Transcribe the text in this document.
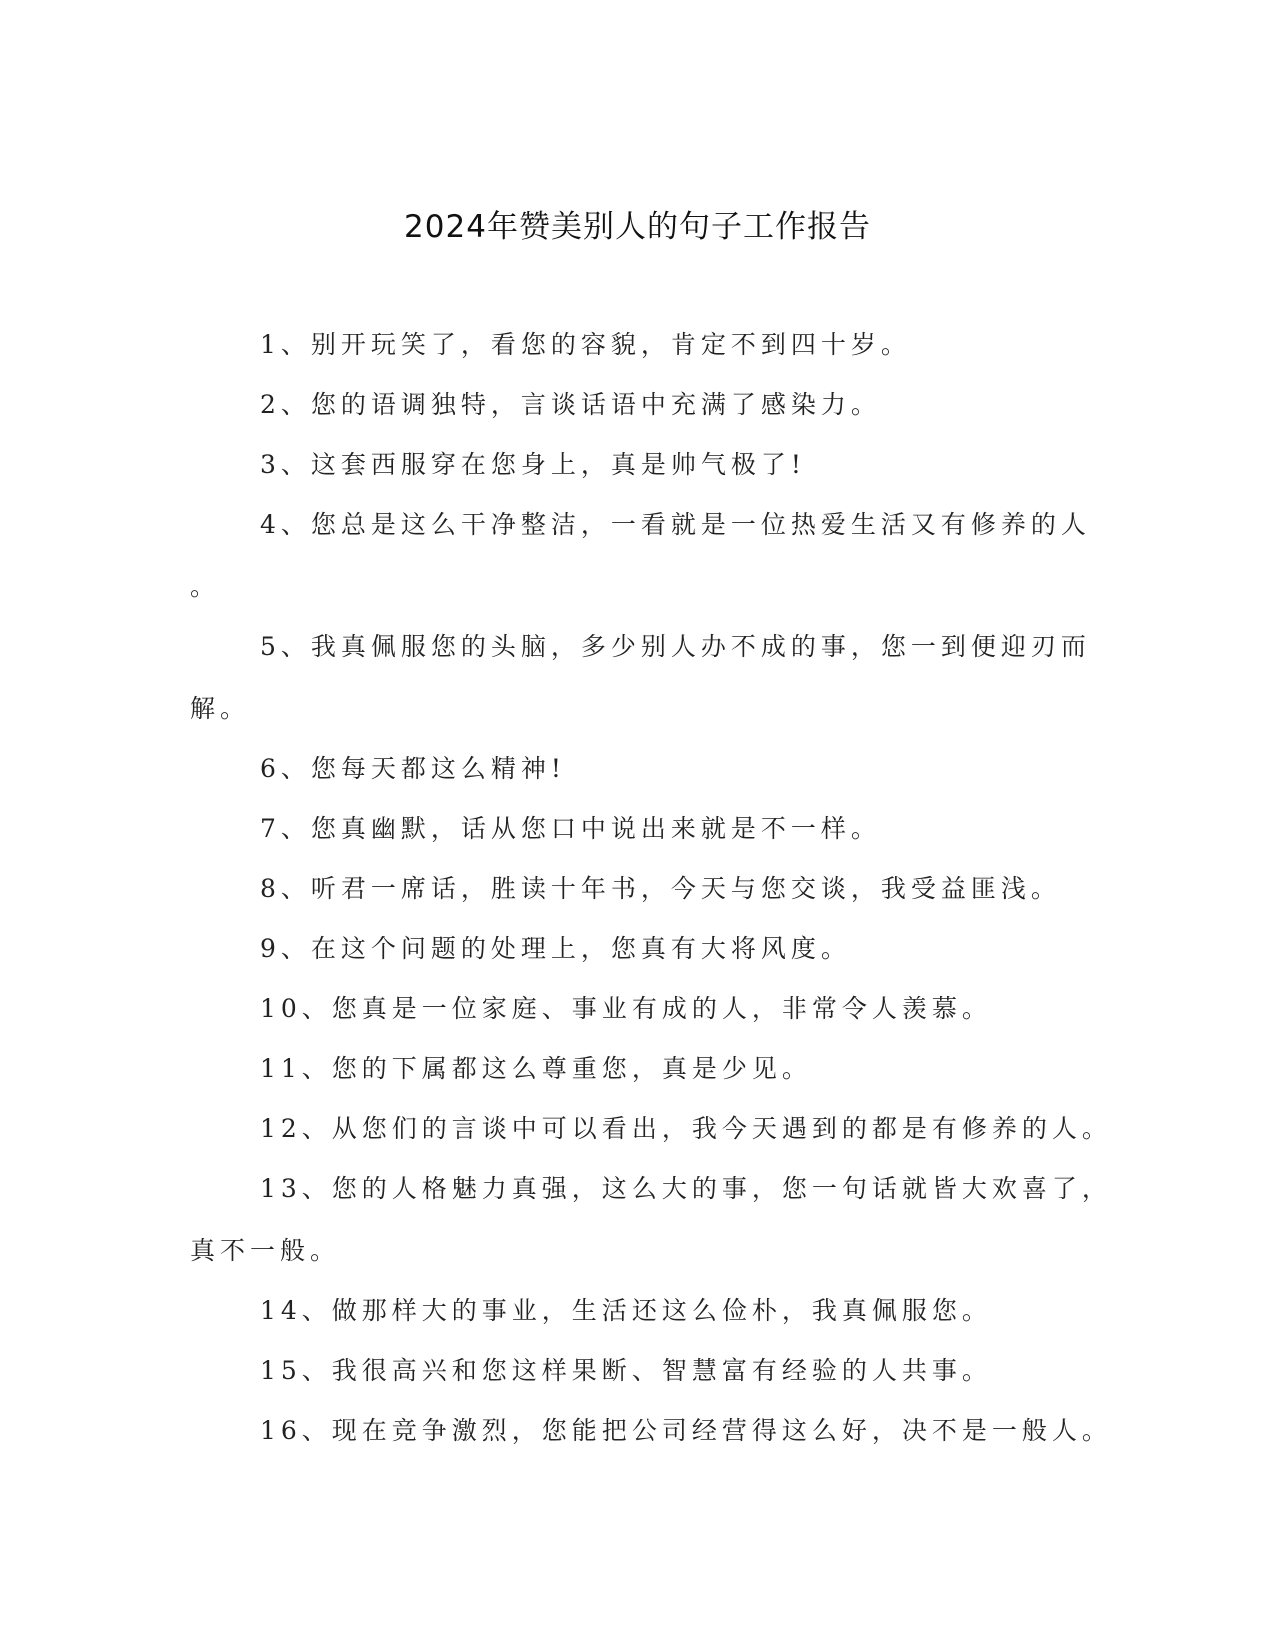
2024年赞美别人的句子工作报告

1、别开玩笑了，看您的容貌，肯定不到四十岁。

2、您的语调独特，言谈话语中充满了感染力。

3、这套西服穿在您身上，真是帅气极了!

4、您总是这么干净整洁，一看就是一位热爱生活又有修养的人
。

5、我真佩服您的头脑，多少别人办不成的事，您一到便迎刃而
解。

6、您每天都这么精神!

7、您真幽默，话从您口中说出来就是不一样。

8、听君一席话，胜读十年书，今天与您交谈，我受益匪浅。

9、在这个问题的处理上，您真有大将风度。

10、您真是一位家庭、事业有成的人，非常令人羡慕。

11、您的下属都这么尊重您，真是少见。

12、从您们的言谈中可以看出，我今天遇到的都是有修养的人。

13、您的人格魅力真强，这么大的事，您一句话就皆大欢喜了，
真不一般。

14、做那样大的事业，生活还这么俭朴，我真佩服您。

15、我很高兴和您这样果断、智慧富有经验的人共事。

16、现在竞争激烈，您能把公司经营得这么好，决不是一般人。
